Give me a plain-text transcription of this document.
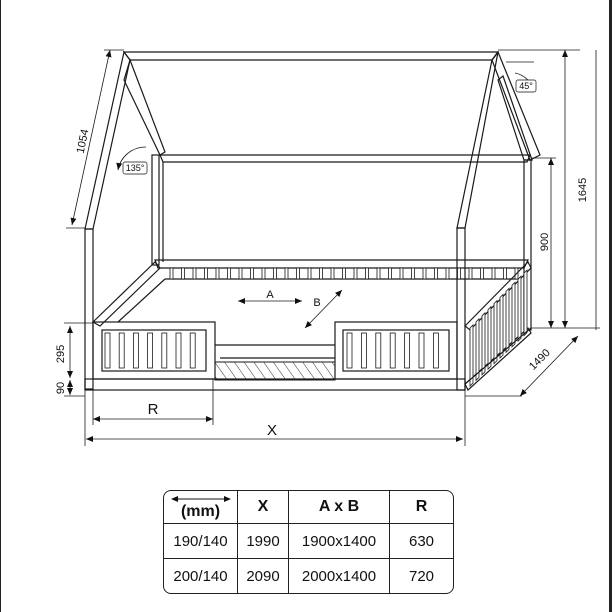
1054
135°
45°
1645
900
295
90
1490
R
X
A
B
(mm)	X	A x B	R
190/140	1990	1900x1400	630
200/140	2090	2000x1400	720
